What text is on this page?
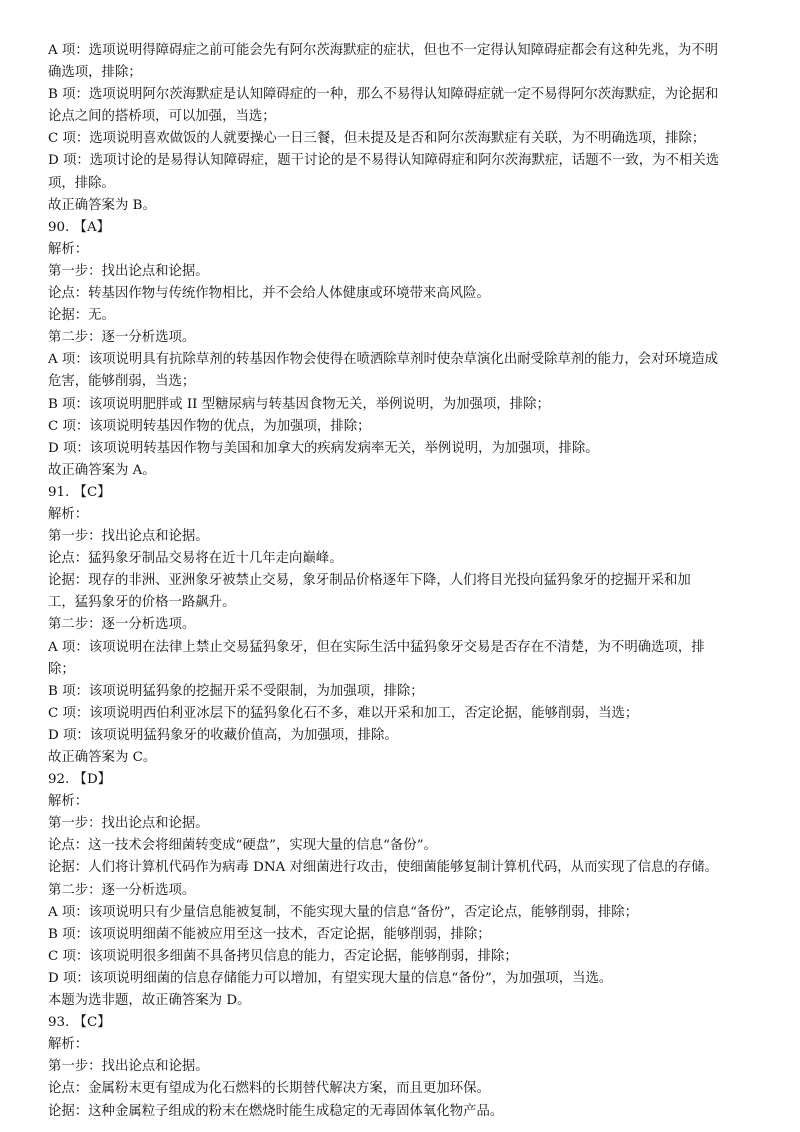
A 项：选项说明得障碍症之前可能会先有阿尔茨海默症的症状，但也不一定得认知障碍症都会有这种先兆，为不明
确选项，排除；
B 项：选项说明阿尔茨海默症是认知障碍症的一种，那么不易得认知障碍症就一定不易得阿尔茨海默症，为论据和
论点之间的搭桥项，可以加强，当选；
C 项：选项说明喜欢做饭的人就要操心一日三餐，但未提及是否和阿尔茨海默症有关联，为不明确选项，排除；
D 项：选项讨论的是易得认知障碍症，题干讨论的是不易得认知障碍症和阿尔茨海默症，话题不一致，为不相关选
项，排除。
故正确答案为 B。
90. 【A】
解析：
第一步：找出论点和论据。
论点：转基因作物与传统作物相比，并不会给人体健康或环境带来高风险。
论据：无。
第二步：逐一分析选项。
A 项：该项说明具有抗除草剂的转基因作物会使得在喷洒除草剂时使杂草演化出耐受除草剂的能力，会对环境造成
危害，能够削弱，当选；
B 项：该项说明肥胖或 II 型糖尿病与转基因食物无关，举例说明，为加强项，排除；
C 项：该项说明转基因作物的优点，为加强项，排除；
D 项：该项说明转基因作物与美国和加拿大的疾病发病率无关，举例说明，为加强项，排除。
故正确答案为 A。
91. 【C】
解析：
第一步：找出论点和论据。
论点：猛犸象牙制品交易将在近十几年走向巅峰。
论据：现存的非洲、亚洲象牙被禁止交易，象牙制品价格逐年下降，人们将目光投向猛犸象牙的挖掘开采和加
工，猛犸象牙的价格一路飙升。
第二步：逐一分析选项。
A 项：该项说明在法律上禁止交易猛犸象牙，但在实际生活中猛犸象牙交易是否存在不清楚，为不明确选项，排
除；
B 项：该项说明猛犸象的挖掘开采不受限制，为加强项，排除；
C 项：该项说明西伯利亚冰层下的猛犸象化石不多，难以开采和加工，否定论据，能够削弱，当选；
D 项：该项说明猛犸象牙的收藏价值高，为加强项，排除。
故正确答案为 C。
92. 【D】
解析：
第一步：找出论点和论据。
论点：这一技术会将细菌转变成“硬盘”，实现大量的信息“备份”。
论据：人们将计算机代码作为病毒 DNA 对细菌进行攻击，使细菌能够复制计算机代码，从而实现了信息的存储。
第二步：逐一分析选项。
A 项：该项说明只有少量信息能被复制，不能实现大量的信息“备份”，否定论点，能够削弱，排除；
B 项：该项说明细菌不能被应用至这一技术，否定论据，能够削弱，排除；
C 项：该项说明很多细菌不具备拷贝信息的能力，否定论据，能够削弱，排除；
D 项：该项说明细菌的信息存储能力可以增加，有望实现大量的信息“备份”，为加强项，当选。
本题为选非题，故正确答案为 D。
93. 【C】
解析：
第一步：找出论点和论据。
论点：金属粉末更有望成为化石燃料的长期替代解决方案，而且更加环保。
论据：这种金属粒子组成的粉末在燃烧时能生成稳定的无毒固体氧化物产品。
